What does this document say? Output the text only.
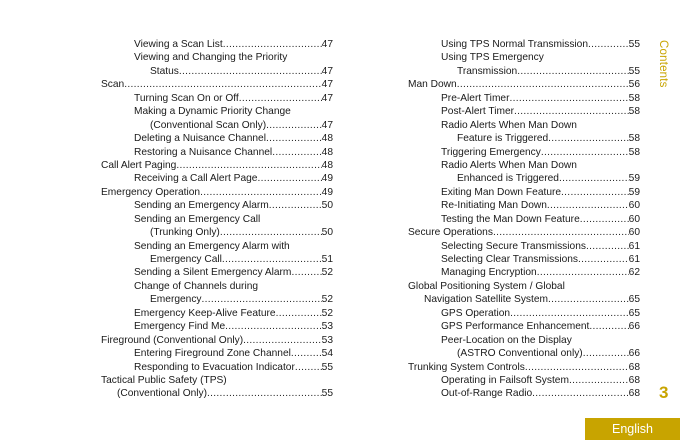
Viewing a Scan List .....	47
Viewing and Changing the Priority
Status .....	47
Scan .....	47
Turning Scan On or Off .....	47
Making a Dynamic Priority Change
(Conventional Scan Only) .....	47
Deleting a Nuisance Channel .....	48
Restoring a Nuisance Channel .....	48
Call Alert Paging .....	48
Receiving a Call Alert Page .....	49
Emergency Operation .....	49
Sending an Emergency Alarm .....	50
Sending an Emergency Call
(Trunking Only) .....	50
Sending an Emergency Alarm with
Emergency Call .....	51
Sending a Silent Emergency Alarm .....	52
Change of Channels during
Emergency .....	52
Emergency Keep-Alive Feature .....	52
Emergency Find Me .....	53
Fireground (Conventional Only) .....	53
Entering Fireground Zone Channel .....	54
Responding to Evacuation Indicator .....	55
Tactical Public Safety (TPS)
(Conventional Only) .....	55
Using TPS Normal Transmission .....	55
Using TPS Emergency
Transmission .....	55
Man Down .....	56
Pre-Alert Timer .....	58
Post-Alert Timer .....	58
Radio Alerts When Man Down
Feature is Triggered .....	58
Triggering Emergency .....	58
Radio Alerts When Man Down
Enhanced is Triggered .....	59
Exiting Man Down Feature .....	59
Re-Initiating Man Down .....	60
Testing the Man Down Feature .....	60
Secure Operations .....	60
Selecting Secure Transmissions .....	61
Selecting Clear Transmissions .....	61
Managing Encryption .....	62
Global Positioning System / Global
Navigation Satellite System .....	65
GPS Operation .....	65
GPS Performance Enhancement .....	66
Peer-Location on the Display
(ASTRO Conventional only) .....	66
Trunking System Controls .....	68
Operating in Failsoft System .....	68
Out-of-Range Radio .....	68
Contents
3
English
